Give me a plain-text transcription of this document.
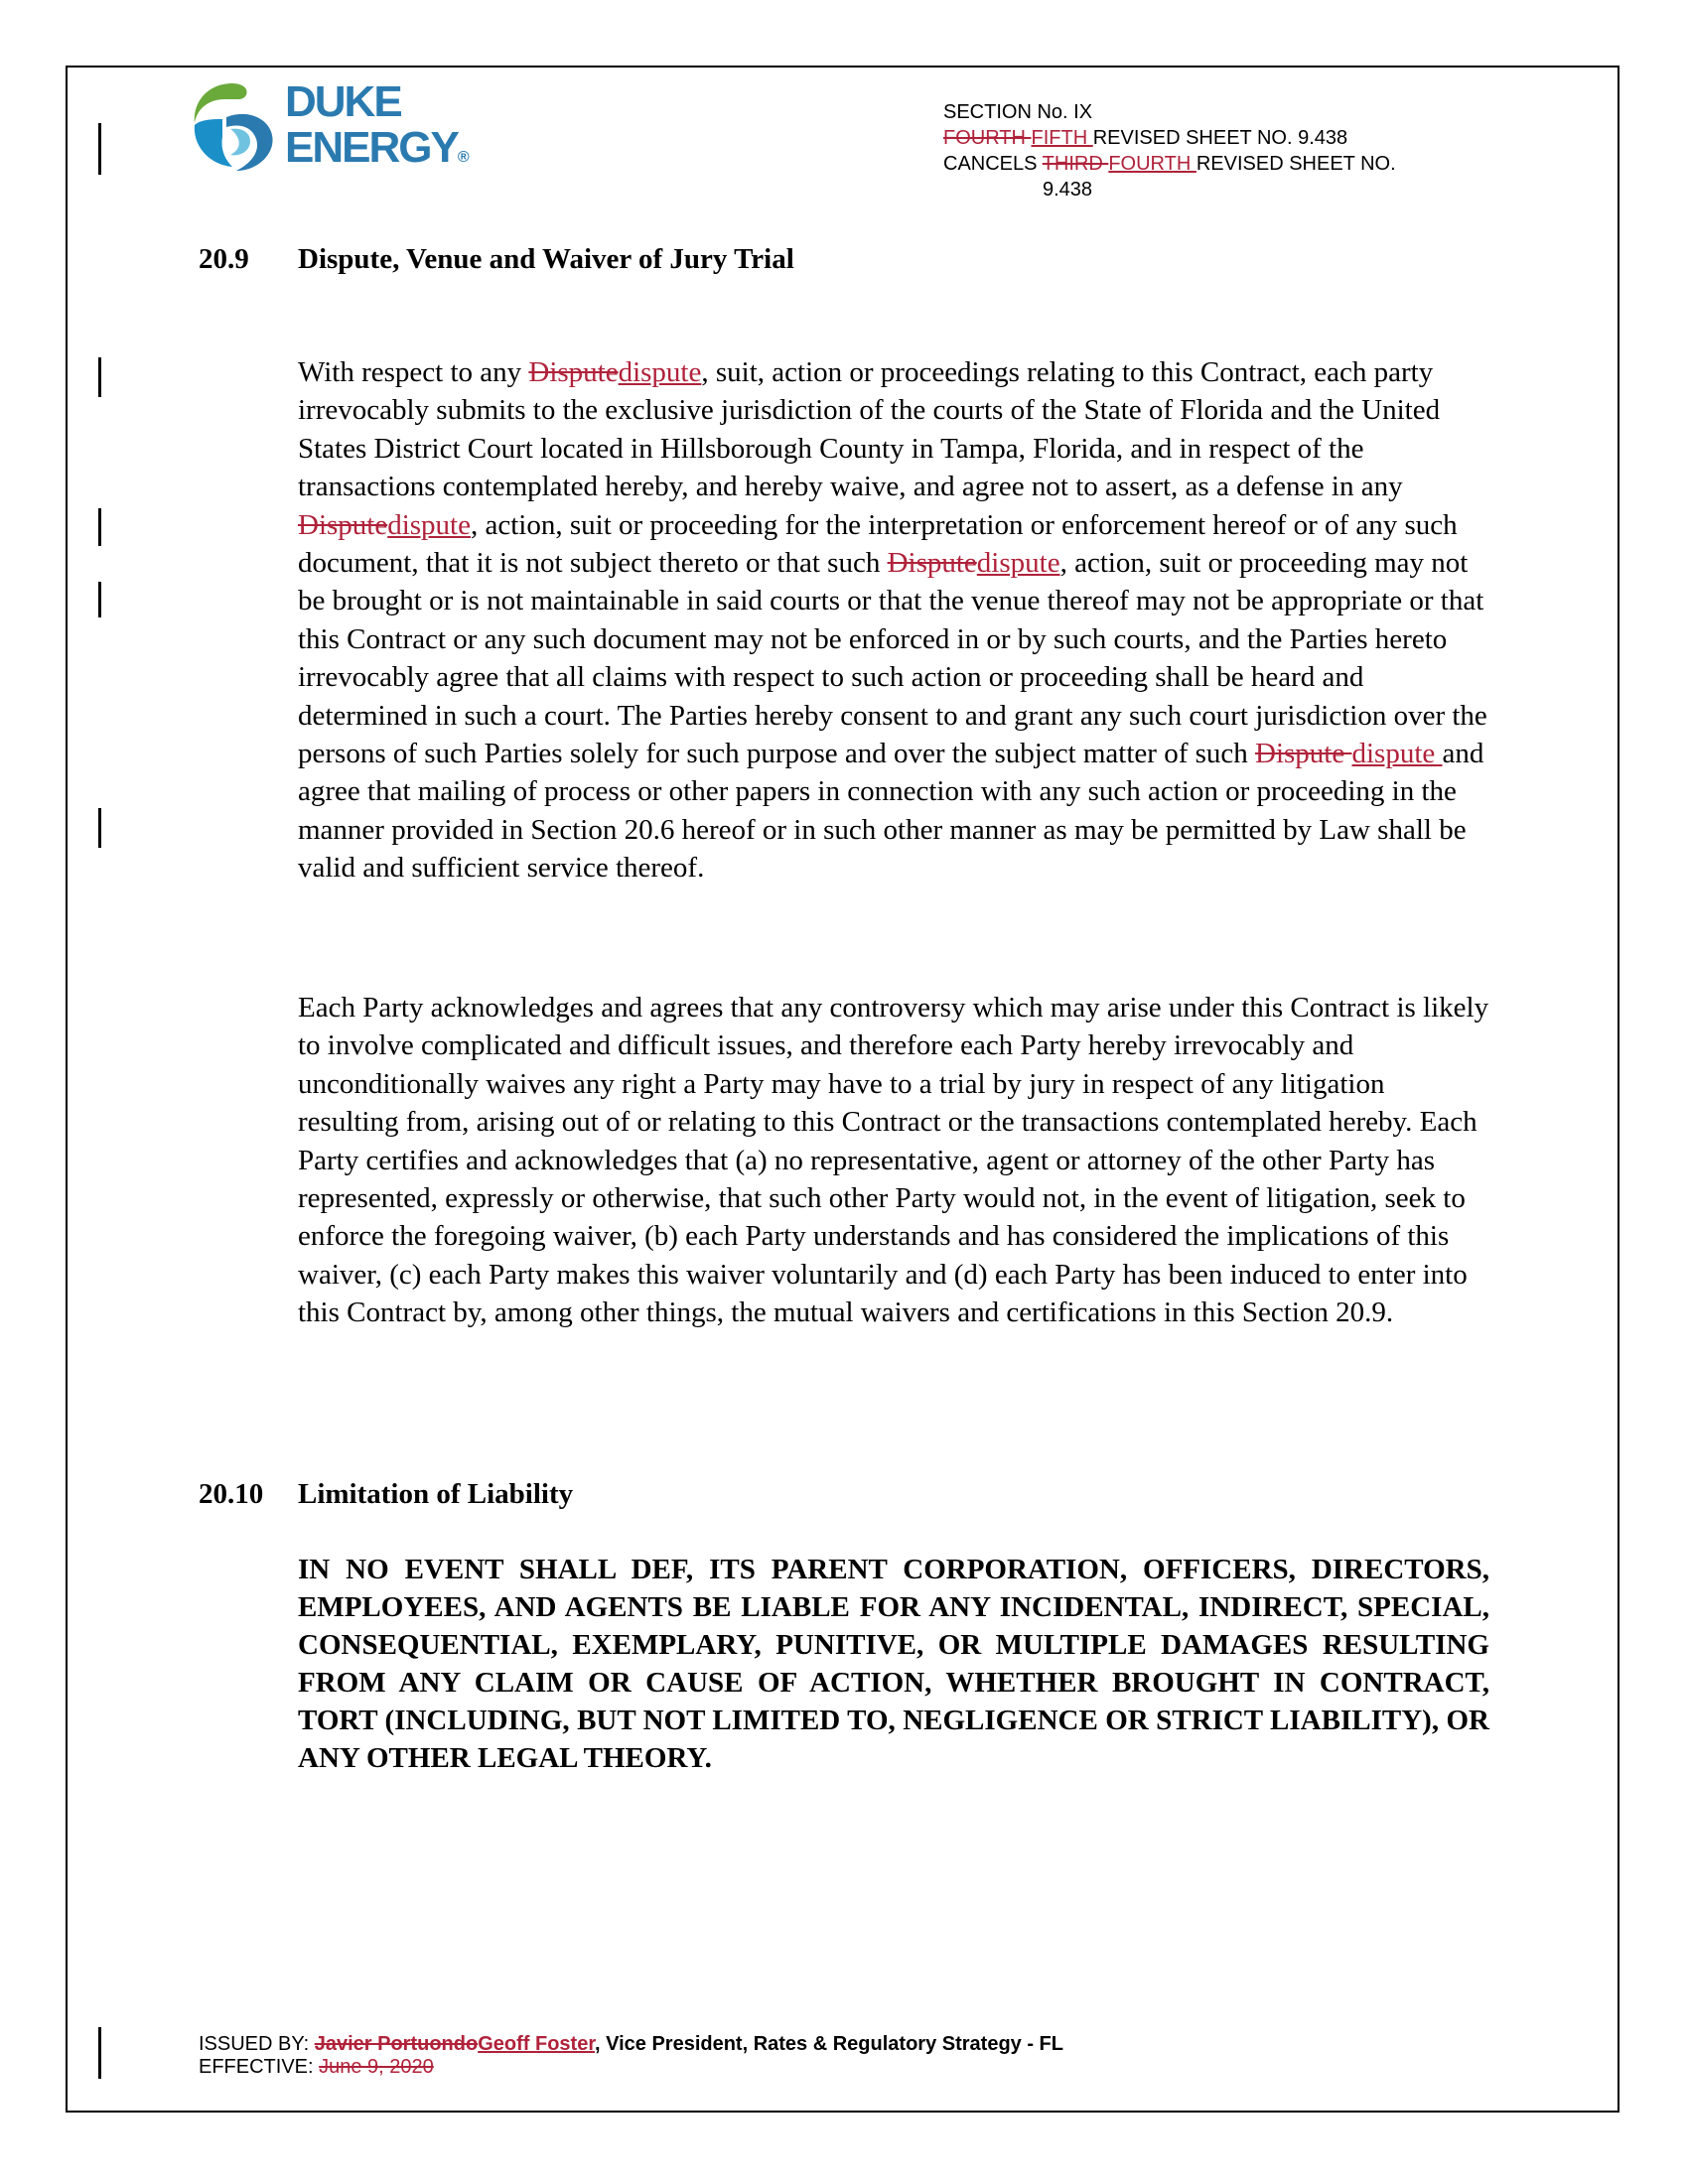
DUKE
ENERGY®
SECTION No. IX
FOURTH FIFTH REVISED SHEET NO. 9.438
CANCELS THIRD FOURTH REVISED SHEET NO.
9.438
20.9 Dispute, Venue and Waiver of Jury Trial
With respect to any Disputedispute, suit, action or proceedings relating to this Contract, each party irrevocably submits to the exclusive jurisdiction of the courts of the State of Florida and the United States District Court located in Hillsborough County in Tampa, Florida, and in respect of the transactions contemplated hereby, and hereby waive, and agree not to assert, as a defense in any Disputedispute, action, suit or proceeding for the interpretation or enforcement hereof or of any such document, that it is not subject thereto or that such Disputedispute, action, suit or proceeding may not be brought or is not maintainable in said courts or that the venue thereof may not be appropriate or that this Contract or any such document may not be enforced in or by such courts, and the Parties hereto irrevocably agree that all claims with respect to such action or proceeding shall be heard and determined in such a court. The Parties hereby consent to and grant any such court jurisdiction over the persons of such Parties solely for such purpose and over the subject matter of such Dispute dispute and agree that mailing of process or other papers in connection with any such action or proceeding in the manner provided in Section 20.6 hereof or in such other manner as may be permitted by Law shall be valid and sufficient service thereof.
Each Party acknowledges and agrees that any controversy which may arise under this Contract is likely to involve complicated and difficult issues, and therefore each Party hereby irrevocably and unconditionally waives any right a Party may have to a trial by jury in respect of any litigation resulting from, arising out of or relating to this Contract or the transactions contemplated hereby. Each Party certifies and acknowledges that (a) no representative, agent or attorney of the other Party has represented, expressly or otherwise, that such other Party would not, in the event of litigation, seek to enforce the foregoing waiver, (b) each Party understands and has considered the implications of this waiver, (c) each Party makes this waiver voluntarily and (d) each Party has been induced to enter into this Contract by, among other things, the mutual waivers and certifications in this Section 20.9.
20.10 Limitation of Liability
IN NO EVENT SHALL DEF, ITS PARENT CORPORATION, OFFICERS, DIRECTORS, EMPLOYEES, AND AGENTS BE LIABLE FOR ANY INCIDENTAL, INDIRECT, SPECIAL, CONSEQUENTIAL, EXEMPLARY, PUNITIVE, OR MULTIPLE DAMAGES RESULTING FROM ANY CLAIM OR CAUSE OF ACTION, WHETHER BROUGHT IN CONTRACT, TORT (INCLUDING, BUT NOT LIMITED TO, NEGLIGENCE OR STRICT LIABILITY), OR ANY OTHER LEGAL THEORY.
ISSUED BY: Javier PortuondoGeoff Foster, Vice President, Rates & Regulatory Strategy - FL
EFFECTIVE: June 9, 2020
